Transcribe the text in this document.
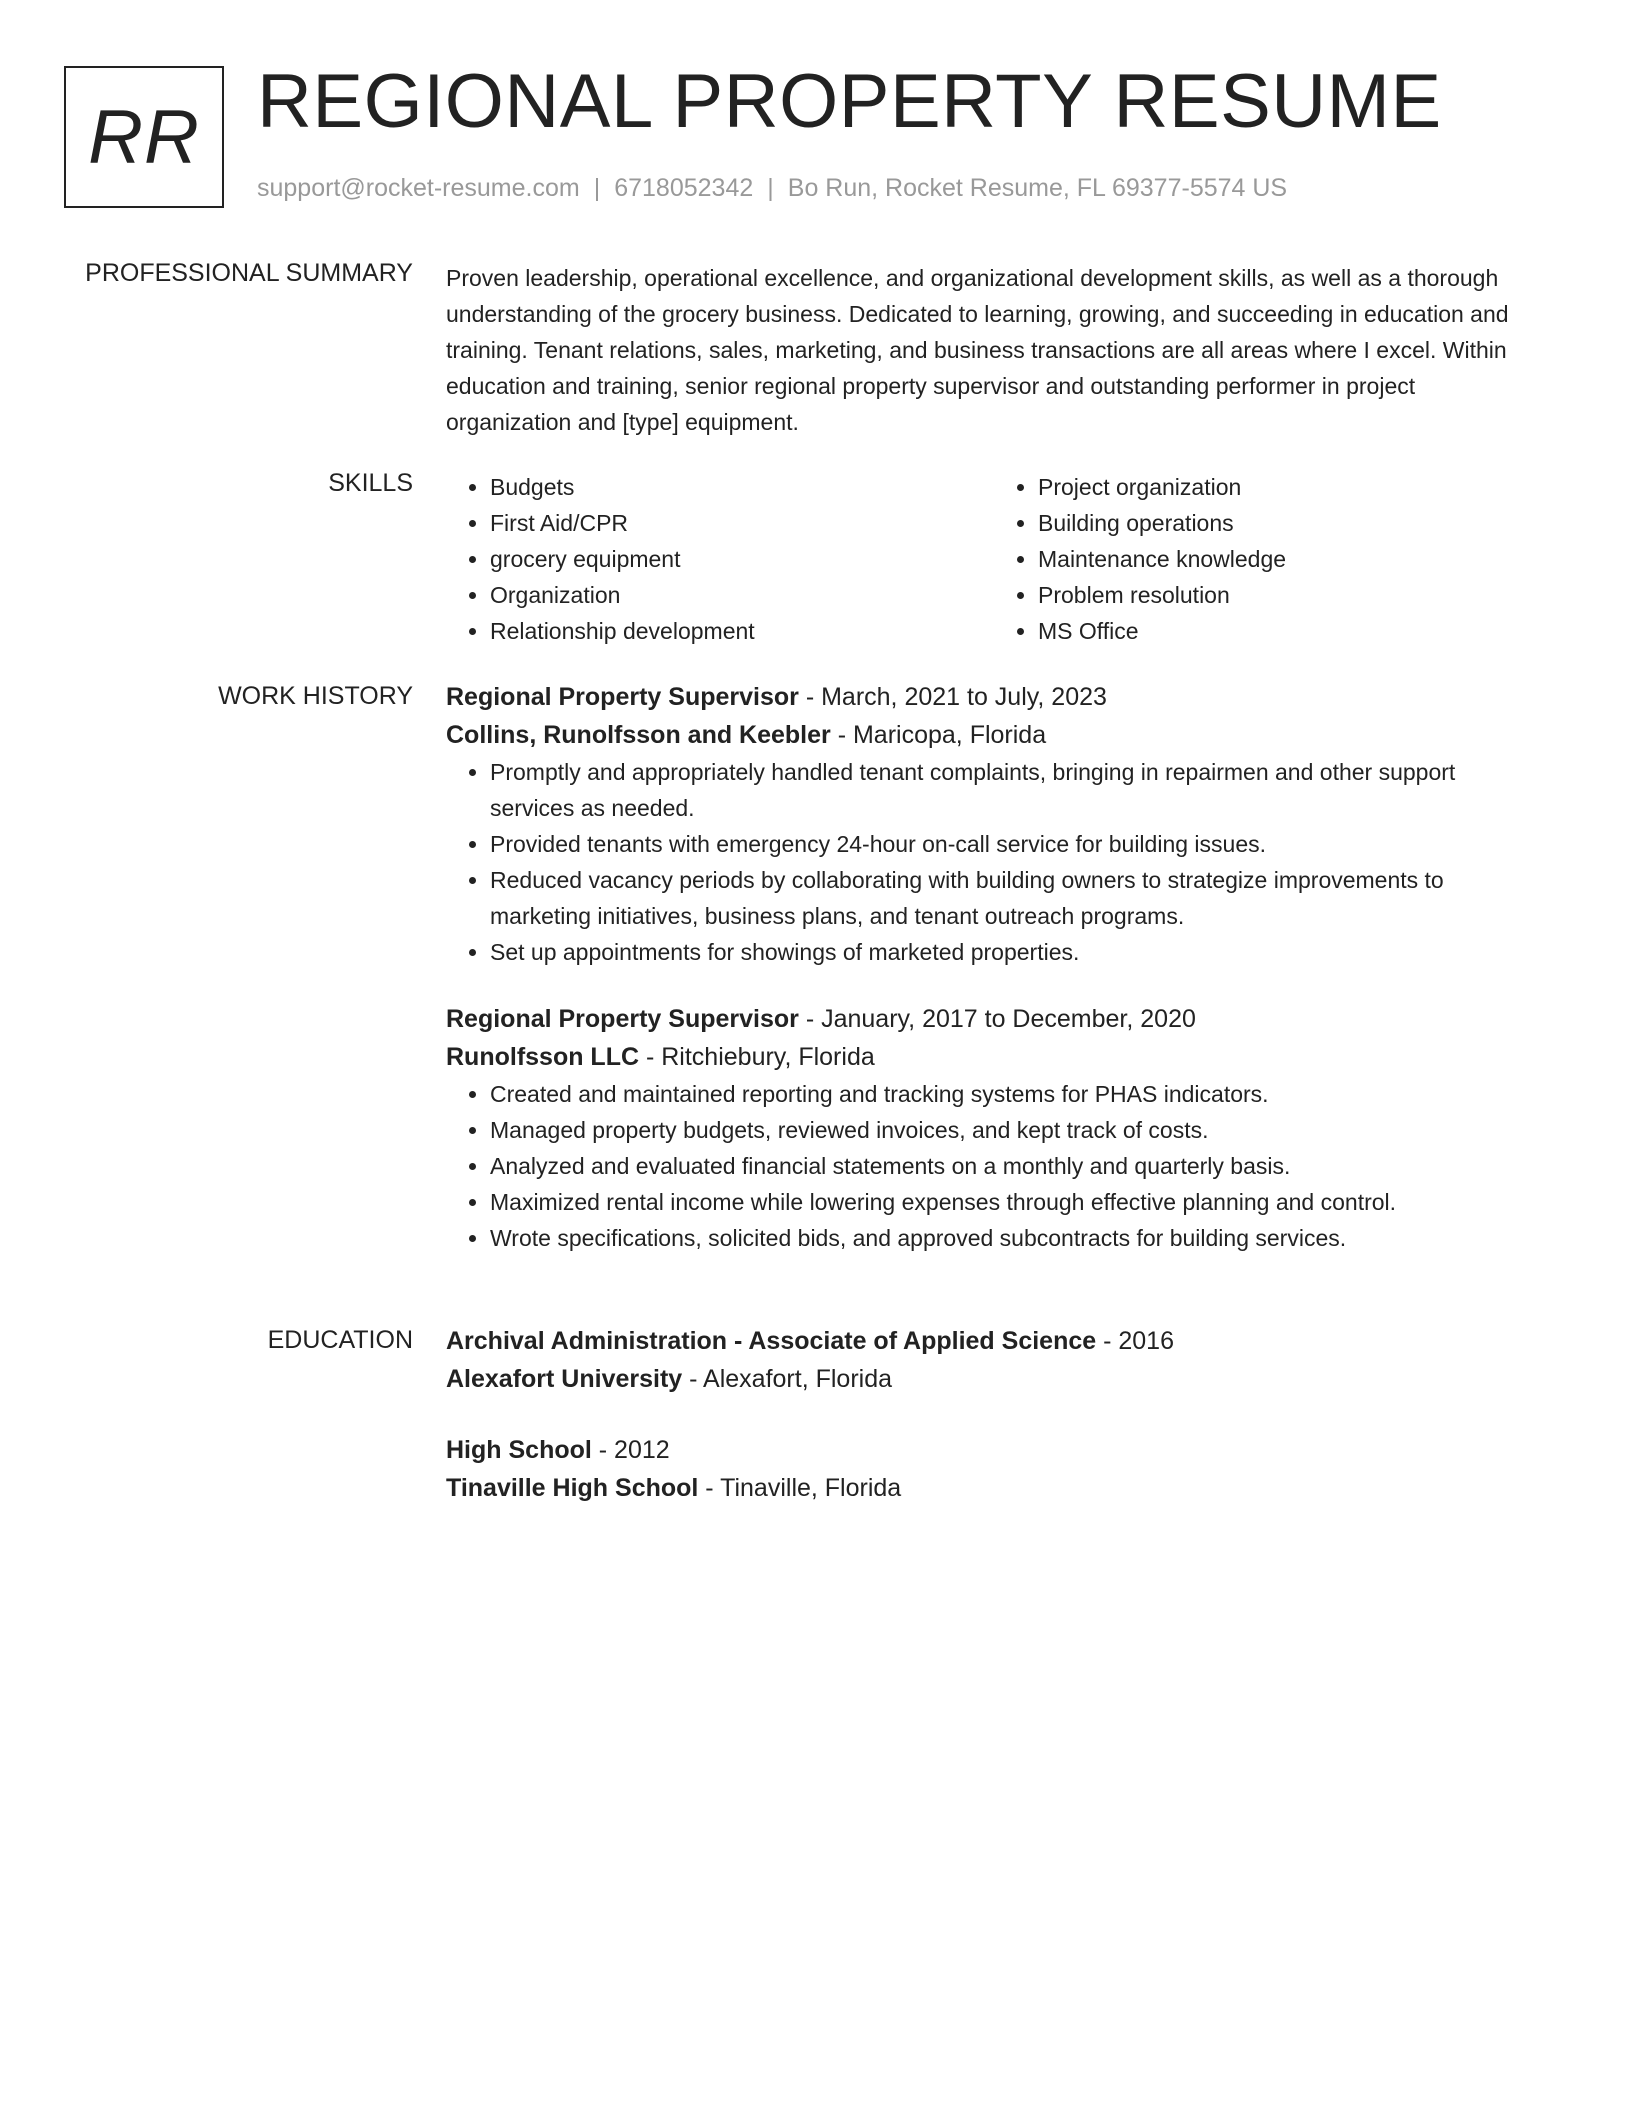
RR REGIONAL PROPERTY RESUME
support@rocket-resume.com | 6718052342 | Bo Run, Rocket Resume, FL 69377-5574 US
PROFESSIONAL SUMMARY Proven leadership, operational excellence, and organizational development skills, as well as a thorough understanding of the grocery business. Dedicated to learning, growing, and succeeding in education and training. Tenant relations, sales, marketing, and business transactions are all areas where I excel. Within education and training, senior regional property supervisor and outstanding performer in project organization and [type] equipment.

SKILLS
•	Budgets
• First Aid/CPR
• grocery equipment
• Organization
• Relationship development
• Project organization
• Building operations
• Maintenance knowledge
• Problem resolution
• MS Office
WORK HISTORY Regional Property Supervisor - March, 2021 to July, 2023
Collins, Runolfsson and Keebler - Maricopa, Florida
• Promptly and appropriately handled tenant complaints, bringing in repairmen and other support services as needed.
• Provided tenants with emergency 24-hour on-call service for building issues.
• Reduced vacancy periods by collaborating with building owners to strategize improvements to marketing initiatives, business plans, and tenant outreach programs.
• Set up appointments for showings of marketed properties.
Regional Property Supervisor - January, 2017 to December, 2020
Runolfsson LLC - Ritchiebury, Florida
• Created and maintained reporting and tracking systems for PHAS indicators.
• Managed property budgets, reviewed invoices, and kept track of costs.
• Analyzed and evaluated financial statements on a monthly and quarterly basis.
• Maximized rental income while lowering expenses through effective planning and control.
• Wrote specifications, solicited bids, and approved subcontracts for building services.
EDUCATION Archival Administration - Associate of Applied Science - 2016
Alexafort University - Alexafort, Florida
High School - 2012
Tinaville High School - Tinaville, Florida
